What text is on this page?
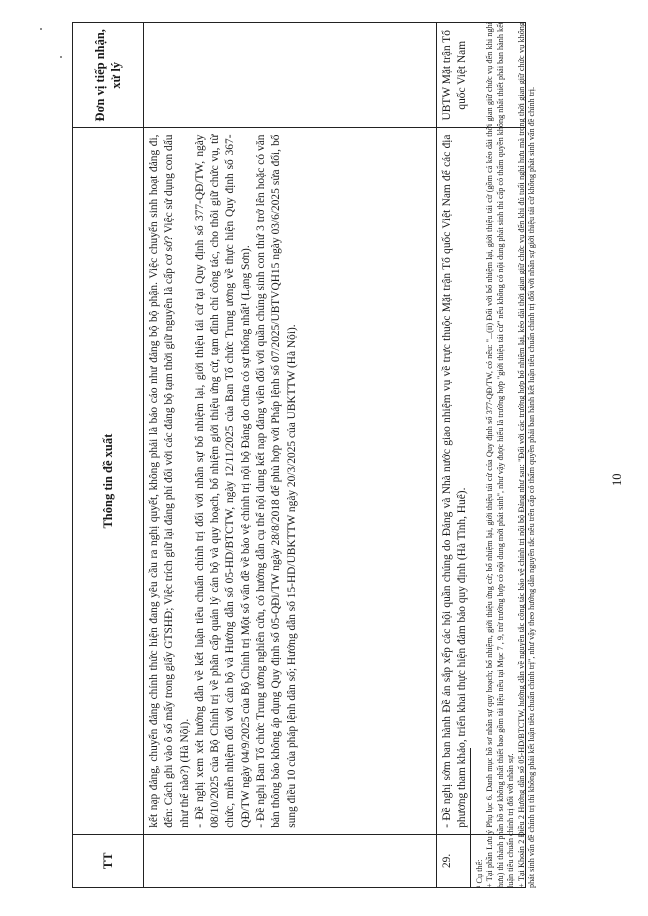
TT	Thông tin đề xuất	Đơn vị tiếp nhận, xử lý

	kết nạp đảng, chuyển đảng chính thức hiện đang yêu cầu ra nghị quyết, không phải là báo cáo như đảng bộ bộ phận. Việc chuyển sinh hoạt đảng đi, đến: Cách ghi vào ô số mấy trong giấy GTSHĐ; Việc trích giữ lại đảng phí đối với các đảng bộ tạm thời giữ nguyên là cấp cơ sở? Việc sử dụng con dấu như thế nào?) (Hà Nội). - Đề nghị xem xét hướng dẫn về kết luận tiêu chuẩn chính trị đối với nhân sự bổ nhiệm lại, giới thiệu tái cử tại Quy định số 377-QĐ/TW, ngày 08/10/2025 của Bộ Chính trị về phân cấp quản lý cán bộ và quy hoạch, bổ nhiệm giới thiệu ứng cử, tạm đình chỉ công tác, cho thôi giữ chức vụ, từ chức, miễn nhiệm đối với cán bộ và Hướng dẫn số 05-HD/BTCTW, ngày 12/11/2025 của Ban Tổ chức Trung ương về thực hiện Quy định số 367-QĐ/TW ngày 04/9/2025 của Bộ Chính trị Một số vấn đề về bảo vệ chính trị nội bộ Đảng do chưa có sự thống nhất¹ (Lạng Sơn). - Đề nghị Ban Tổ chức Trung ương nghiên cứu, có hướng dẫn cụ thể nội dung kết nạp đảng viên đối với quần chúng sinh con thứ 3 trở lên hoặc có văn bản thông báo không áp dụng Quy định số 05-QĐi/TW ngày 28/8/2018 để phù hợp với Pháp lệnh số 07/2025/UBTVQH15 ngày 03/6/2025 sửa đổi, bổ sung điều 10 của pháp lệnh dân số; Hướng dẫn số 15-HD/UBKTTW ngày 20/3/2025 của UBKTTW (Hà Nội).	

29.	- Đề nghị sớm ban hành Đề án sắp xếp các hội quần chúng do Đảng và Nhà nước giao nhiệm vụ về trực thuộc Mặt trận Tổ quốc Việt Nam để các địa phương tham khảo, triển khai thực hiện đảm bảo quy định (Hà Tĩnh, Huế).	UBTW Mặt trận Tổ quốc Việt Nam

¹ Cụ thể: + Tại phần Lưu ý Phụ lục 6. Danh mục hồ sơ nhân sự quy hoạch; bổ nhiệm, giới thiệu ứng cử; bổ nhiệm lại, giới thiệu tái cử của Quy định số 377-QĐ/TW, có nêu: "...(ii) Đối với bổ nhiệm lại, giới thiệu tái cử (gồm cả kéo dài thời gian giữ chức vụ đến khi nghỉ hưu) thì thành phần hồ sơ không nhất thiết bao gồm tài liệu nêu tại Mục 7 , 9, trừ trường hợp có nội dung mới phát sinh", như vậy được hiểu là trường hợp "giới thiệu tái cử" nếu không có nội dung phát sinh thì cấp có thẩm quyền không nhất thiết phải ban hành kết luận tiêu chuẩn chính trị đối với nhân sự. + Tại Khoản 2 Điều 2 Hướng dẫn số 05-HD/BTCTW, hướng dẫn về nguyên tắc công tác bảo vệ chính trị nội bộ Đảng như sau: "Đối với các trường hợp bổ nhiệm lại, kéo dài thời gian giữ chức vụ đến khi đủ tuổi nghỉ hưu mà trong thời gian giữ chức vụ không phát sinh vấn đề chính trị thì không phải kết luận tiêu chuẩn chính trị", như vậy theo hướng dẫn nguyên tắc nêu trên cấp có thẩm quyền phải ban hành kết luận tiêu chuẩn chính trị đối với nhân sự giới thiệu tái cử không phát sinh vấn đề chính trị.	10
